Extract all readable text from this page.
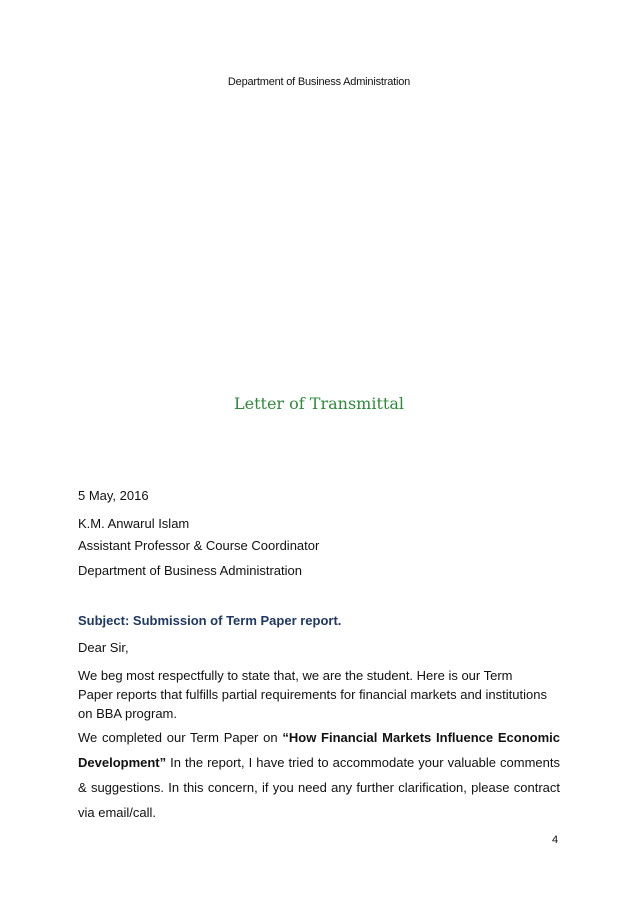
Department of Business Administration
Letter of Transmittal
5 May, 2016
K.M. Anwarul Islam
Assistant Professor & Course Coordinator
Department of Business Administration
Subject: Submission of Term Paper report.
Dear Sir,
We beg most respectfully to state that, we are the student. Here is our Term
Paper reports that fulfills partial requirements for financial markets and institutions
on BBA program.
We completed our Term Paper on “How Financial Markets Influence Economic Development” In the report, I have tried to accommodate your valuable comments & suggestions. In this concern, if you need any further clarification, please contract via email/call.
4
